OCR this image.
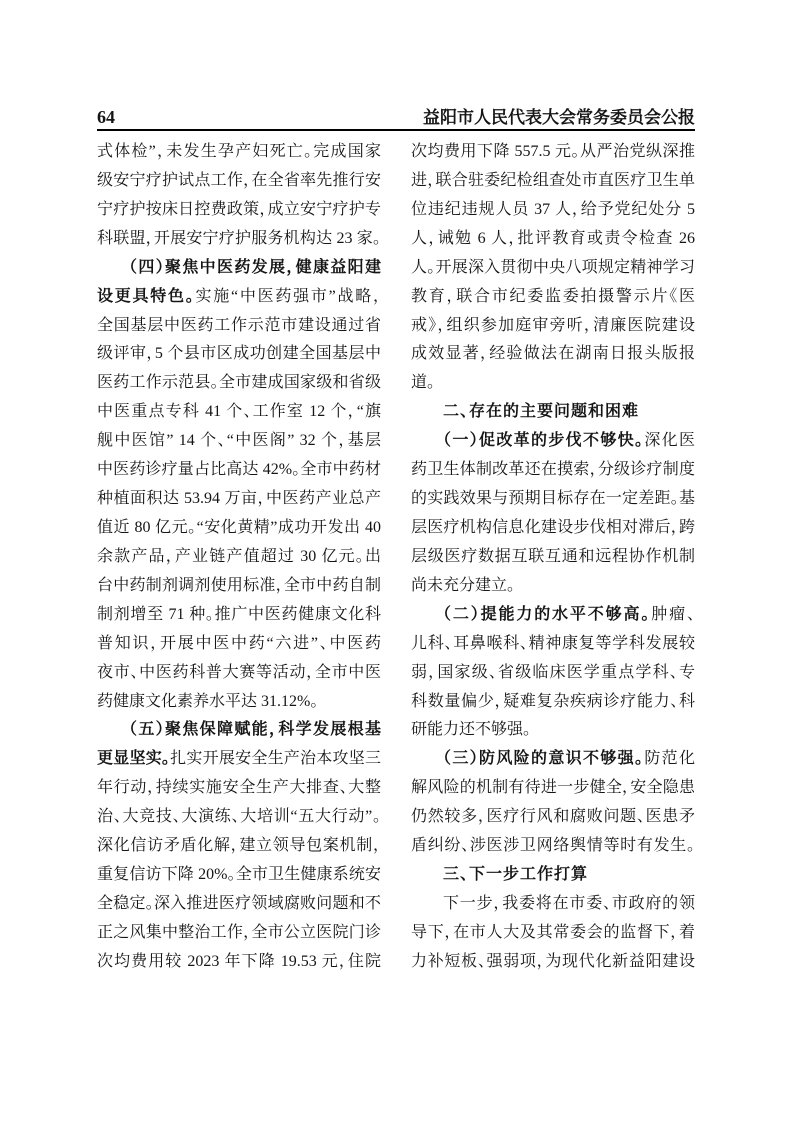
64	益阳市人民代表大会常务委员会公报
式体检”，未发生孕产妇死亡。完成国家
级安宁疗护试点工作，在全省率先推行安
宁疗护按床日控费政策，成立安宁疗护专
科联盟，开展安宁疗护服务机构达 23 家。
（四）聚焦中医药发展，健康益阳建
设更具特色。实施“中医药强市”战略，
全国基层中医药工作示范市建设通过省
级评审，5 个县市区成功创建全国基层中
医药工作示范县。全市建成国家级和省级
中医重点专科 41 个、工作室 12 个，“旗
舰中医馆” 14 个、“中医阁” 32 个，基层
中医药诊疗量占比高达 42%。全市中药材
种植面积达 53.94 万亩，中医药产业总产
值近 80 亿元。“安化黄精”成功开发出 40
余款产品，产业链产值超过 30 亿元。出
台中药制剂调剂使用标准，全市中药自制
制剂增至 71 种。推广中医药健康文化科
普知识，开展中医中药“六进”、中医药
夜市、中医药科普大赛等活动，全市中医
药健康文化素养水平达 31.12%。
（五）聚焦保障赋能，科学发展根基
更显坚实。扎实开展安全生产治本攻坚三
年行动，持续实施安全生产大排查、大整
治、大竞技、大演练、大培训“五大行动”。
深化信访矛盾化解，建立领导包案机制，
重复信访下降 20%。全市卫生健康系统安
全稳定。深入推进医疗领域腐败问题和不
正之风集中整治工作，全市公立医院门诊
次均费用较 2023 年下降 19.53 元，住院
次均费用下降 557.5 元。从严治党纵深推
进，联合驻委纪检组查处市直医疗卫生单
位违纪违规人员 37 人，给予党纪处分 5
人，诫勉 6 人，批评教育或责令检查 26
人。开展深入贯彻中央八项规定精神学习
教育，联合市纪委监委拍摄警示片《医
戒》，组织参加庭审旁听，清廉医院建设
成效显著，经验做法在湖南日报头版报
道。
二、存在的主要问题和困难
（一）促改革的步伐不够快。深化医
药卫生体制改革还在摸索，分级诊疗制度
的实践效果与预期目标存在一定差距。基
层医疗机构信息化建设步伐相对滞后，跨
层级医疗数据互联互通和远程协作机制
尚未充分建立。
（二）提能力的水平不够高。肿瘤、
儿科、耳鼻喉科、精神康复等学科发展较
弱，国家级、省级临床医学重点学科、专
科数量偏少，疑难复杂疾病诊疗能力、科
研能力还不够强。
（三）防风险的意识不够强。防范化
解风险的机制有待进一步健全，安全隐患
仍然较多，医疗行风和腐败问题、医患矛
盾纠纷、涉医涉卫网络舆情等时有发生。
三、下一步工作打算
下一步，我委将在市委、市政府的领
导下，在市人大及其常委会的监督下，着
力补短板、强弱项，为现代化新益阳建设
